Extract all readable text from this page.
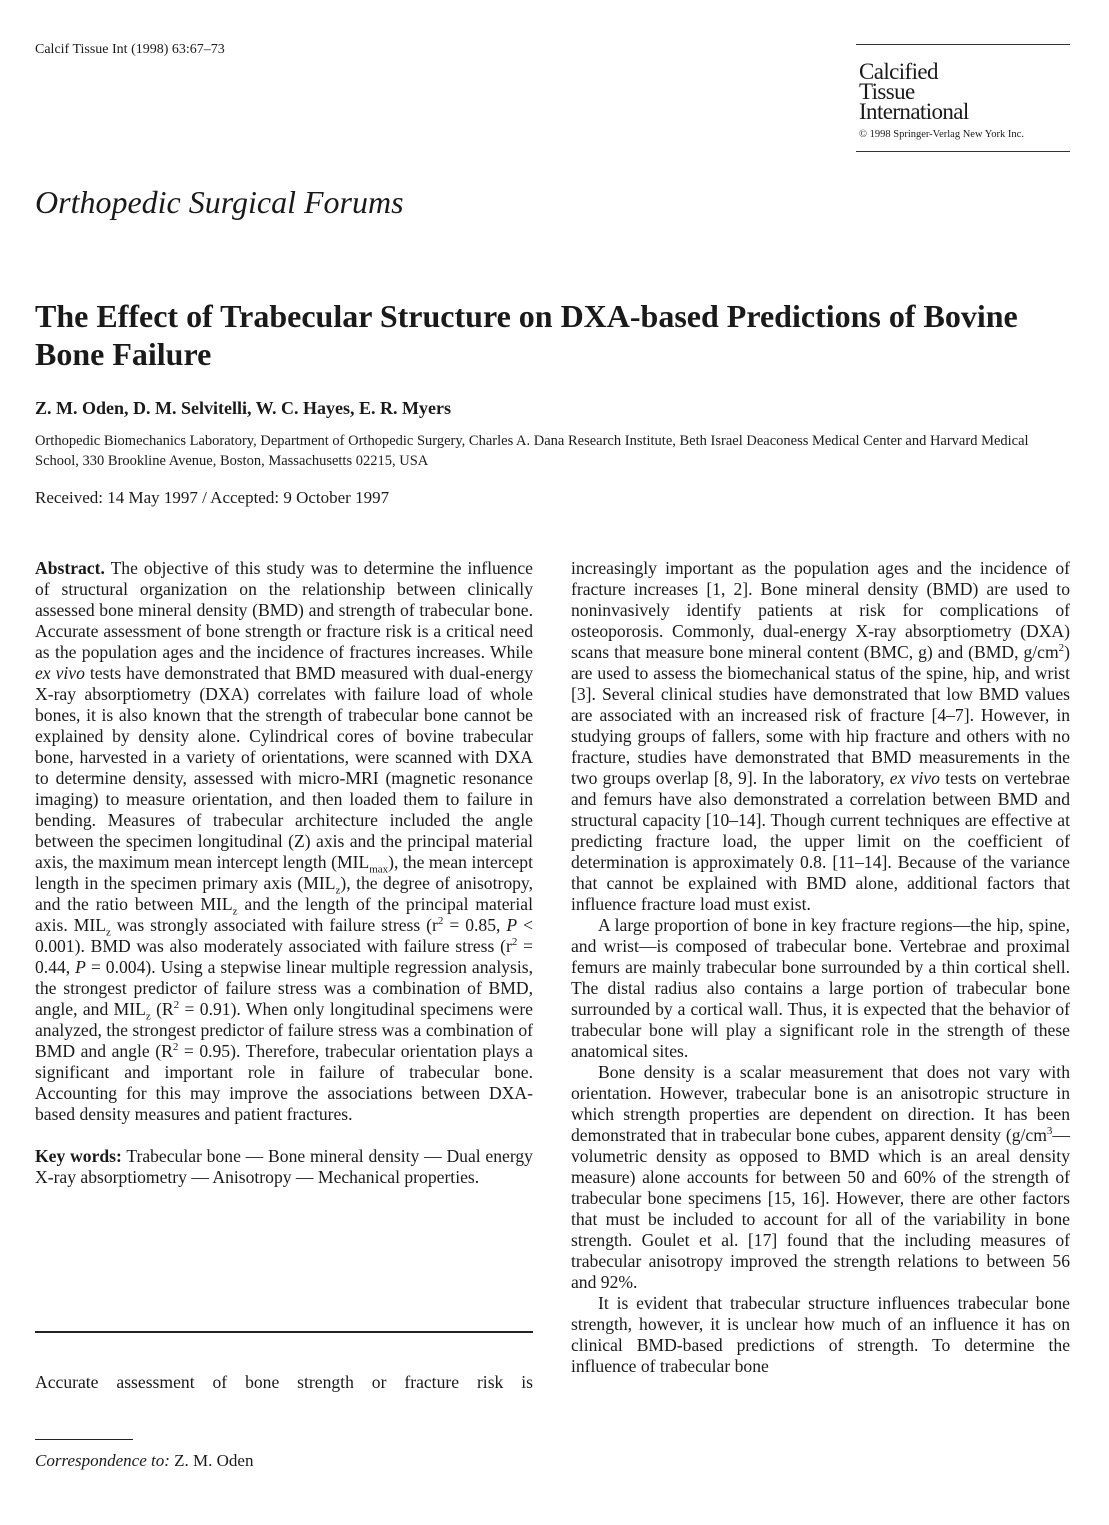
Calcif Tissue Int (1998) 63:67–73
Calcified
Tissue
International
© 1998 Springer-Verlag New York Inc.
Orthopedic Surgical Forums
The Effect of Trabecular Structure on DXA-based Predictions of Bovine Bone Failure
Z. M. Oden, D. M. Selvitelli, W. C. Hayes, E. R. Myers
Orthopedic Biomechanics Laboratory, Department of Orthopedic Surgery, Charles A. Dana Research Institute, Beth Israel Deaconess Medical Center and Harvard Medical School, 330 Brookline Avenue, Boston, Massachusetts 02215, USA
Received: 14 May 1997 / Accepted: 9 October 1997

Abstract. The objective of this study was to determine the influence of structural organization on the relationship between clinically assessed bone mineral density (BMD) and strength of trabecular bone. Accurate assessment of bone strength or fracture risk is a critical need as the population ages and the incidence of fractures increases. While ex vivo tests have demonstrated that BMD measured with dual-energy X-ray absorptiometry (DXA) correlates with failure load of whole bones, it is also known that the strength of trabecular bone cannot be explained by density alone. Cylindrical cores of bovine trabecular bone, harvested in a variety of orientations, were scanned with DXA to determine density, assessed with micro-MRI (magnetic resonance imaging) to measure orientation, and then loaded them to failure in bending. Measures of trabecular architecture included the angle between the specimen longitudinal (Z) axis and the principal material axis, the maximum mean intercept length $(MIL_{max})$, the mean intercept length in the specimen primary axis $(MIL_z)$, the degree of anisotropy, and the ratio between $MIL_z$ and the length of the principal material axis. $MIL_z$ was strongly associated with failure stress ($r^2 = 0.85$, P < 0.001). BMD was also moderately associated with failure stress ($r^2 = 0.44$, P = 0.004). Using a stepwise linear multiple regression analysis, the strongest predictor of failure stress was a combination of BMD, angle, and $MIL_z$ $(R^2 = 0.91)$. When only longitudinal specimens were analyzed, the strongest predictor of failure stress was a combination of BMD and angle $(R^2 = 0.95)$. Therefore, trabecular orientation plays a significant and important role in failure of trabecular bone. Accounting for this may improve the associations between DXA-based density measures and patient fractures.

Key words: Trabecular bone — Bone mineral density — Dual energy X-ray absorptiometry — Anisotropy — Mechanical properties.

Accurate assessment of bone strength or fracture risk is
Correspondence to: Z. M. Oden

increasingly important as the population ages and the incidence of fracture increases [1, 2]. Bone mineral density (BMD) are used to noninvasively identify patients at risk for complications of osteoporosis. Commonly, dual-energy X-ray absorptiometry (DXA) scans that measure bone mineral content (BMC, g) and (BMD, $g/cm^2$) are used to assess the biomechanical status of the spine, hip, and wrist [3]. Several clinical studies have demonstrated that low BMD values are associated with an increased risk of fracture [4–7]. However, in studying groups of fallers, some with hip fracture and others with no fracture, studies have demonstrated that BMD measurements in the two groups overlap [8, 9]. In the laboratory, ex vivo tests on vertebrae and femurs have also demonstrated a correlation between BMD and structural capacity [10–14]. Though current techniques are effective at predicting fracture load, the upper limit on the coefficient of determination is approximately 0.8. [11–14]. Because of the variance that cannot be explained with BMD alone, additional factors that influence fracture load must exist.

A large proportion of bone in key fracture regions—the hip, spine, and wrist—is composed of trabecular bone. Vertebrae and proximal femurs are mainly trabecular bone surrounded by a thin cortical shell. The distal radius also contains a large portion of trabecular bone surrounded by a cortical wall. Thus, it is expected that the behavior of trabecular bone will play a significant role in the strength of these anatomical sites.

Bone density is a scalar measurement that does not vary with orientation. However, trabecular bone is an anisotropic structure in which strength properties are dependent on direction. It has been demonstrated that in trabecular bone cubes, apparent density ($g/cm^3—volumetric$ density as opposed to BMD which is an areal density measure) alone accounts for between 50 and 60% of the strength of trabecular bone specimens [15, 16]. However, there are other factors that must be included to account for all of the variability in bone strength. Goulet et al. [17] found that the including measures of trabecular anisotropy improved the strength relations to between 56 and 92%.

It is evident that trabecular structure influences trabecular bone strength, however, it is unclear how much of an influence it has on clinical BMD-based predictions of strength. To determine the influence of trabecular bone
